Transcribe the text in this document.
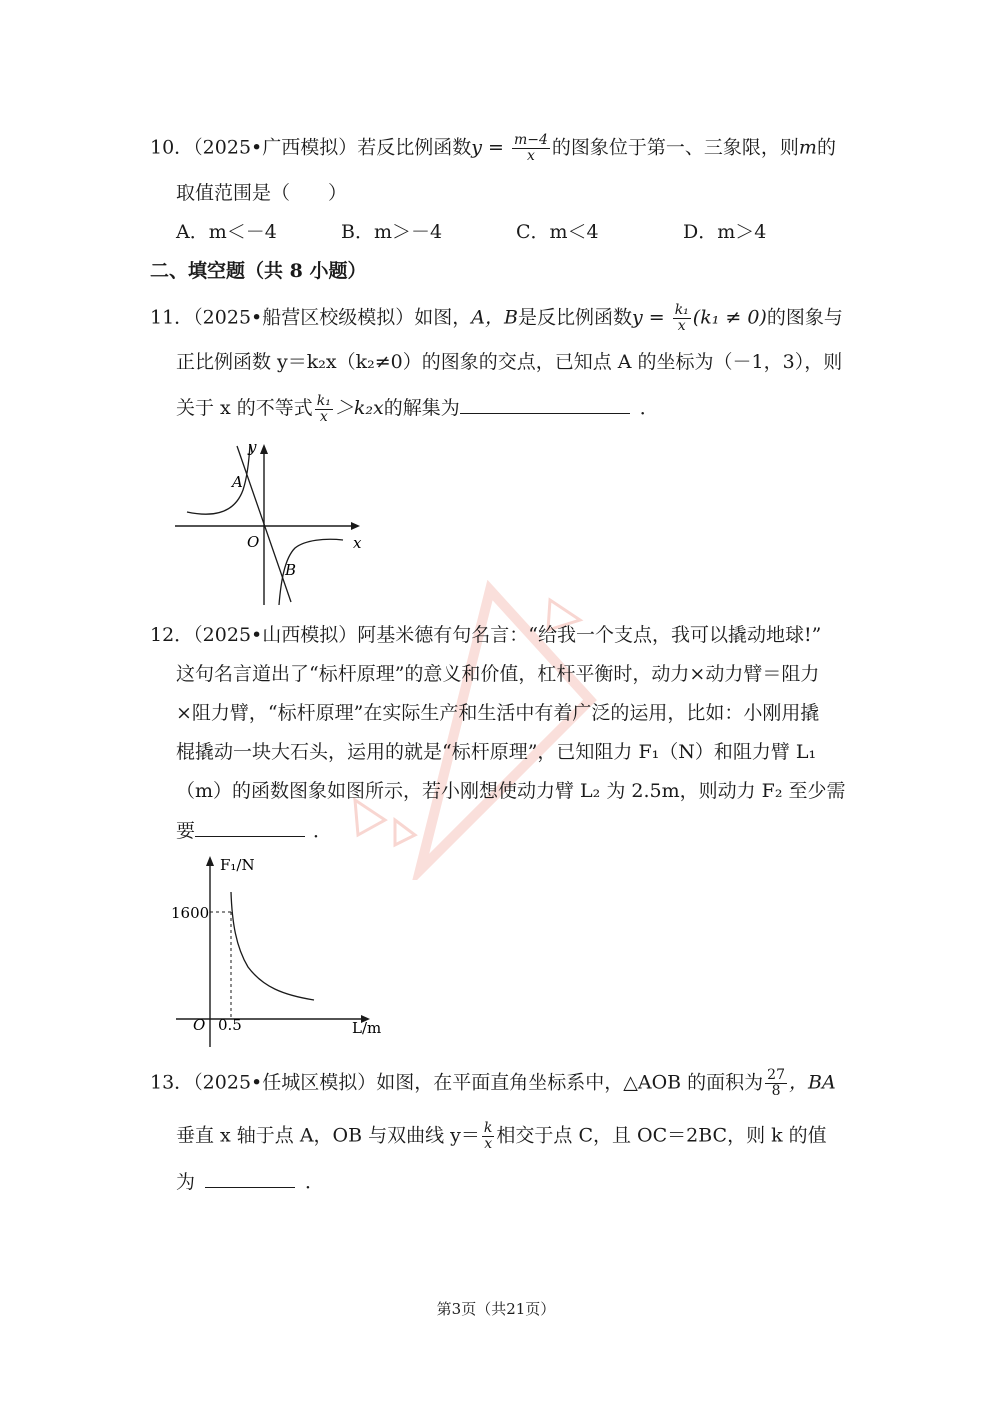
10．（2025•广西模拟）若反比例函数$y = \frac{m-4}{x}$ 的图象位于第一、三象限，则m的
取值范围是（　　）
A．m＜－4	B．m＞－4	C．m＜4	D．m＞4
二、填空题（共 8 小题）
11．（2025•船营区校级模拟）如图，A，B是反比例函数$y = \frac{\text{k₁}}{x} (k_1 \ne 0)$的图象与
正比例函数 y＝k₂x（k₂≠0）的图象的交点，已知点 A 的坐标为（－1，3），则
关于 x 的不等式 $\frac{\text{k₁}}{x} >k_2x$的解集为	．
y
x
O
A
B
12．（2025•山西模拟）阿基米德有句名言：“给我一个支点，我可以撬动地球!”
这句名言道出了“标杆原理”的意义和价值，杠杆平衡时，动力×动力臂＝阻力
×阻力臂，“标杆原理”在实际生产和生活中有着广泛的运用，比如：小刚用撬
棍撬动一块大石头，运用的就是“标杆原理”，已知阻力 F₁（N）和阻力臂 L₁
（m）的函数图象如图所示，若小刚想使动力臂 L₂ 为 2.5m，则动力 F₂ 至少需
要	．
F₁/N
L/m
1600
0.5
O
13．（2025•任城区模拟）如图，在平面直角坐标系中，△AOB 的面积为 $\frac{27}{8}$ ，BA
垂直 x 轴于点 A，OB 与双曲线 $y= \frac{k}{x}$ 相交于点 C，且 OC＝2BC，则 k 的值
为	．
第3页（共21页）
